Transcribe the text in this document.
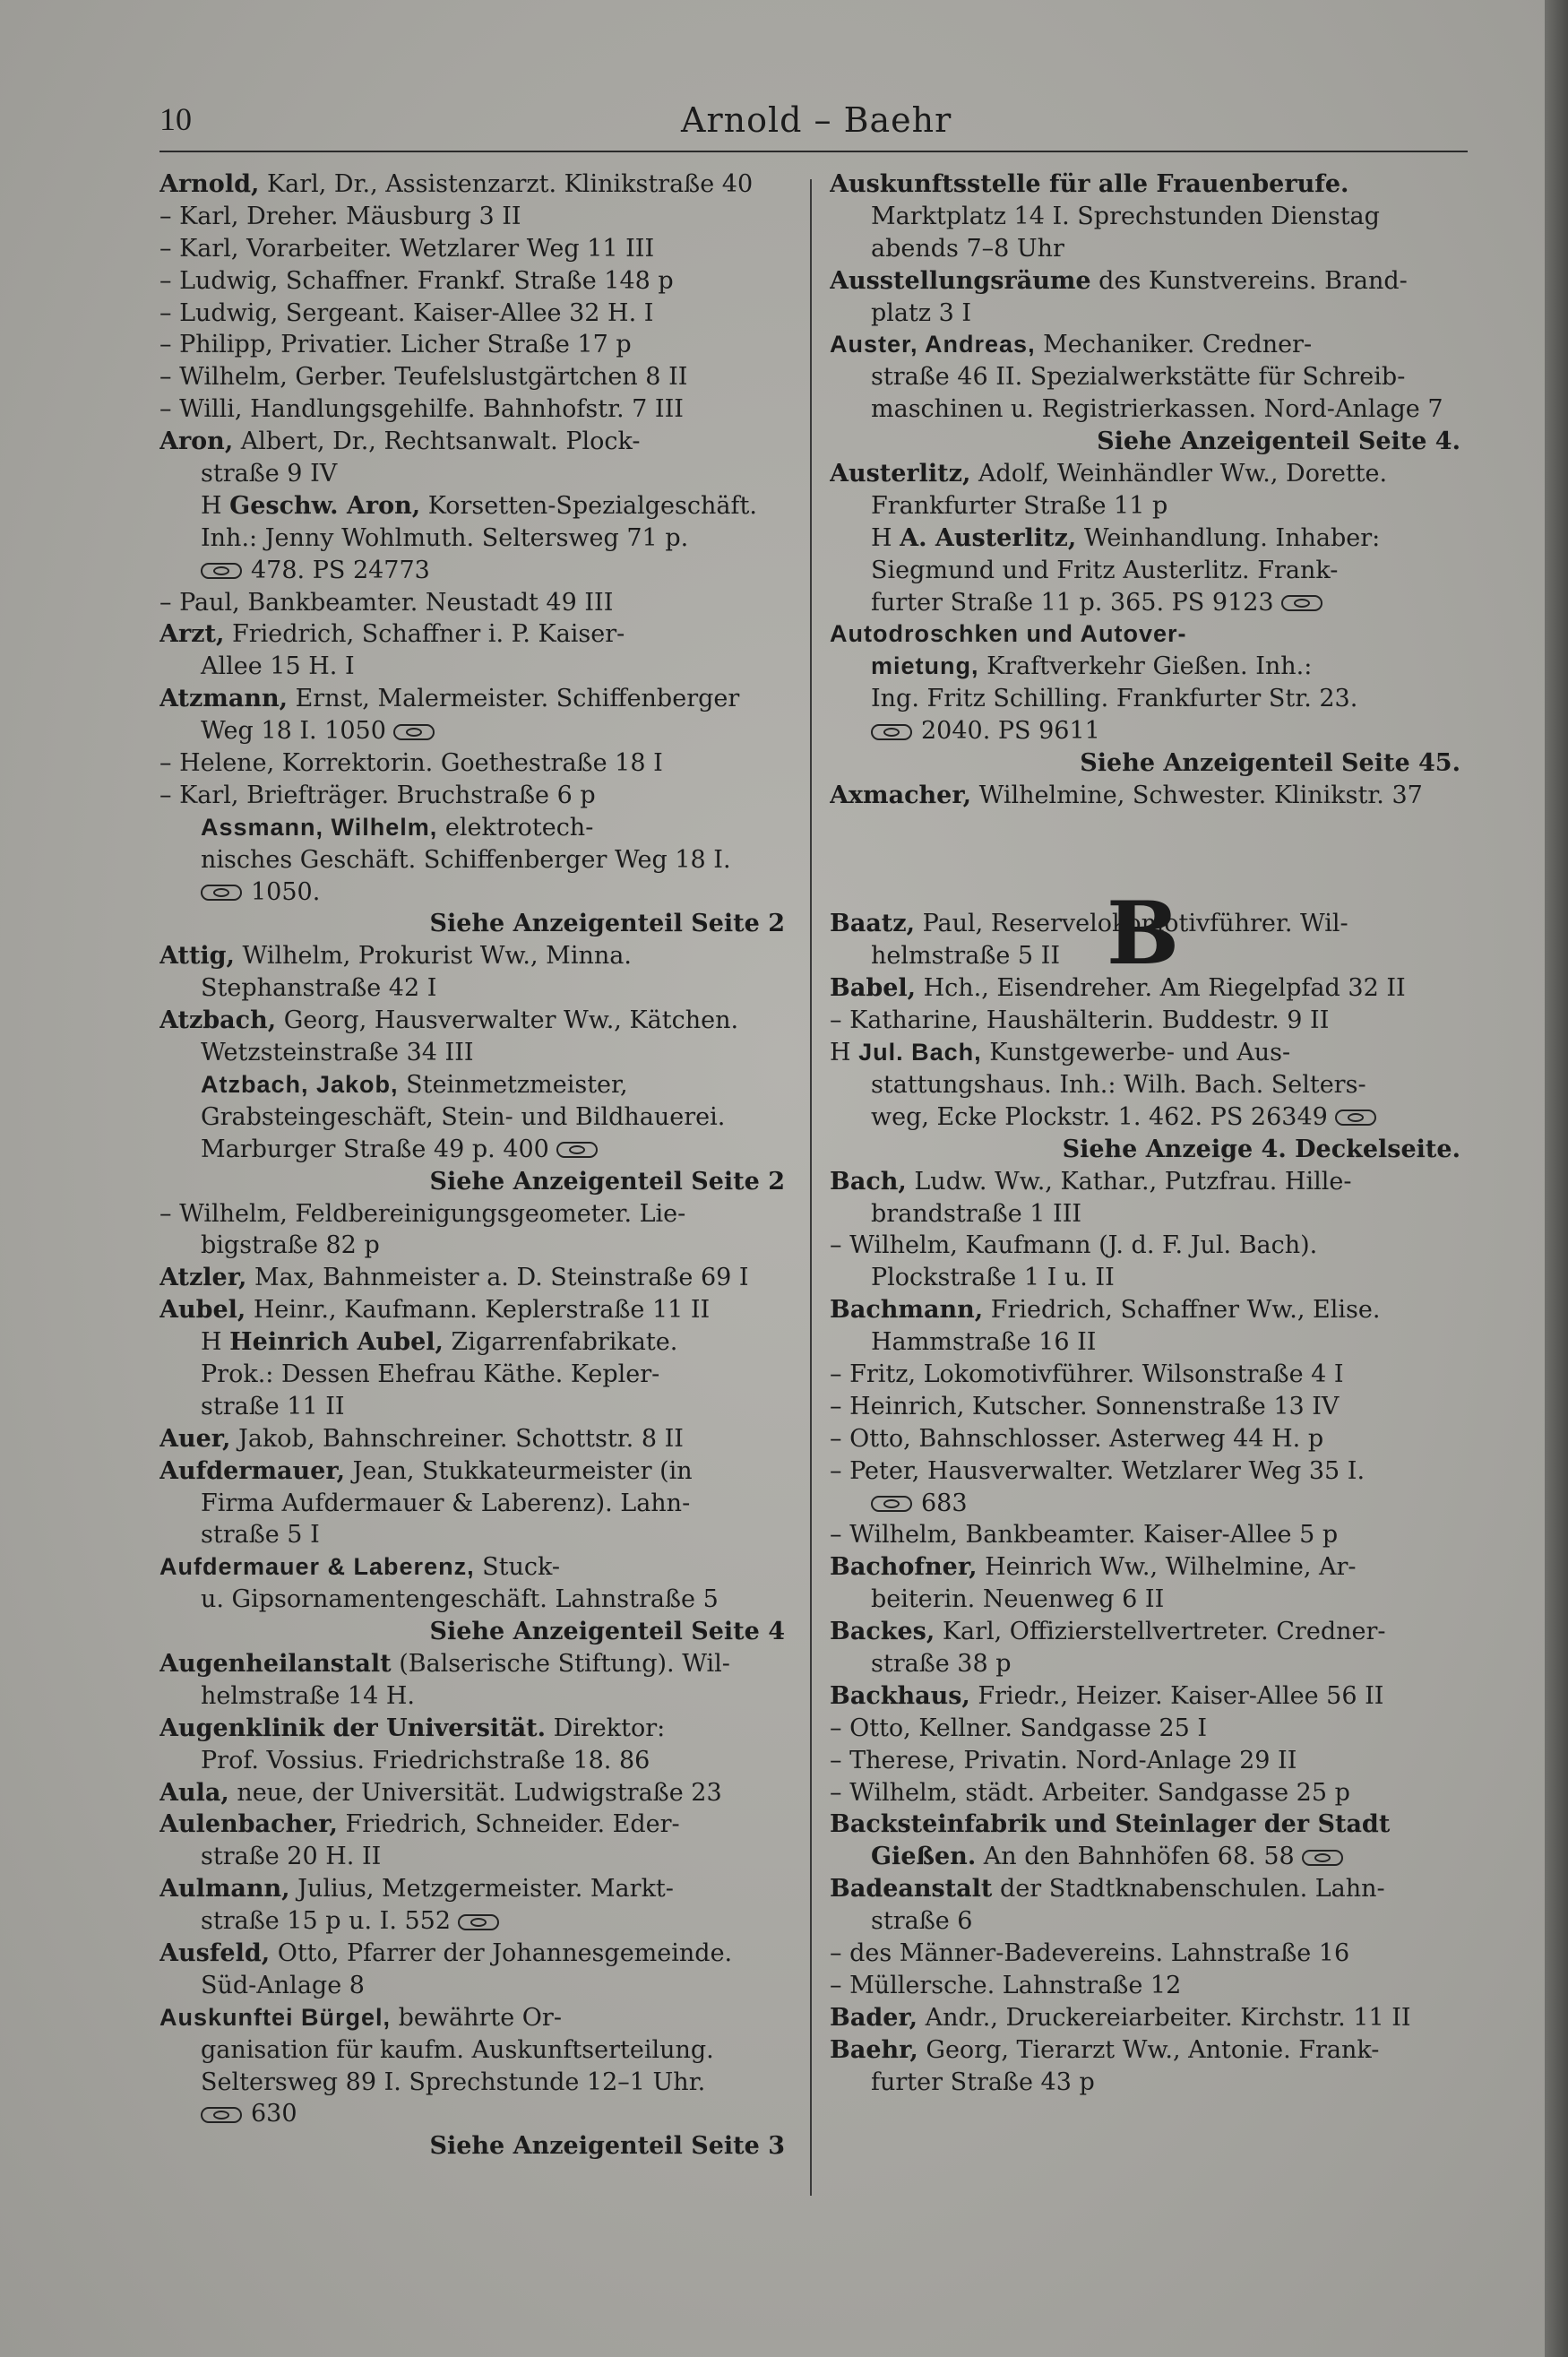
10	Arnold – Baehr
Arnold, Karl, Dr., Assistenzarzt. Klinikstraße 40
– Karl, Dreher. Mäusburg 3 II
– Karl, Vorarbeiter. Wetzlarer Weg 11 III
– Ludwig, Schaffner. Frankf. Straße 148 p
– Ludwig, Sergeant. Kaiser-Allee 32 H. I
– Philipp, Privatier. Licher Straße 17 p
– Wilhelm, Gerber. Teufelslustgärtchen 8 II
– Willi, Handlungsgehilfe. Bahnhofstr. 7 III
Aron, Albert, Dr., Rechtsanwalt. Plock-
straße 9 IV
H Geschw. Aron, Korsetten-Spezialgeschäft.
Inh.: Jenny Wohlmuth. Seltersweg 71 p.
478. PS 24773
– Paul, Bankbeamter. Neustadt 49 III
Arzt, Friedrich, Schaffner i. P. Kaiser-
Allee 15 H. I
Atzmann, Ernst, Malermeister. Schiffenberger
Weg 18 I. 1050
– Helene, Korrektorin. Goethestraße 18 I
– Karl, Briefträger. Bruchstraße 6 p
Assmann, Wilhelm, elektrotech-
nisches Geschäft. Schiffenberger Weg 18 I.
1050.
Siehe Anzeigenteil Seite 2
Attig, Wilhelm, Prokurist Ww., Minna.
Stephanstraße 42 I
Atzbach, Georg, Hausverwalter Ww., Kätchen.
Wetzsteinstraße 34 III
Atzbach, Jakob, Steinmetzmeister,
Grabsteingeschäft, Stein- und Bildhauerei.
Marburger Straße 49 p. 400
Siehe Anzeigenteil Seite 2
– Wilhelm, Feldbereinigungsgeometer. Lie-
bigstraße 82 p
Atzler, Max, Bahnmeister a. D. Steinstraße 69 I
Aubel, Heinr., Kaufmann. Keplerstraße 11 II
H Heinrich Aubel, Zigarrenfabrikate.
Prok.: Dessen Ehefrau Käthe. Kepler-
straße 11 II
Auer, Jakob, Bahnschreiner. Schottstr. 8 II
Aufdermauer, Jean, Stukkateurmeister (in
Firma Aufdermauer & Laberenz). Lahn-
straße 5 I
Aufdermauer & Laberenz, Stuck-
u. Gipsornamentengeschäft. Lahnstraße 5
Siehe Anzeigenteil Seite 4
Augenheilanstalt (Balserische Stiftung). Wil-
helmstraße 14 H.
Augenklinik der Universität. Direktor:
Prof. Vossius. Friedrichstraße 18. 86
Aula, neue, der Universität. Ludwigstraße 23
Aulenbacher, Friedrich, Schneider. Eder-
straße 20 H. II
Aulmann, Julius, Metzgermeister. Markt-
straße 15 p u. I. 552
Ausfeld, Otto, Pfarrer der Johannesgemeinde.
Süd-Anlage 8
Auskunftei Bürgel, bewährte Or-
ganisation für kaufm. Auskunftserteilung.
Seltersweg 89 I. Sprechstunde 12–1 Uhr.
630
Siehe Anzeigenteil Seite 3
Auskunftsstelle für alle Frauenberufe.
Marktplatz 14 I. Sprechstunden Dienstag
abends 7–8 Uhr
Ausstellungsräume des Kunstvereins. Brand-
platz 3 I
Auster, Andreas, Mechaniker. Credner-
straße 46 II. Spezialwerkstätte für Schreib-
maschinen u. Registrierkassen. Nord-Anlage 7
Siehe Anzeigenteil Seite 4.
Austerlitz, Adolf, Weinhändler Ww., Dorette.
Frankfurter Straße 11 p
H A. Austerlitz, Weinhandlung. Inhaber:
Siegmund und Fritz Austerlitz. Frank-
furter Straße 11 p. 365. PS 9123
Autodroschken und Autover-
mietung, Kraftverkehr Gießen. Inh.:
Ing. Fritz Schilling. Frankfurter Str. 23.
2040. PS 9611
Siehe Anzeigenteil Seite 45.
Axmacher, Wilhelmine, Schwester. Klinikstr. 37
Baatz, Paul, Reservelokomotivführer. Wil-
helmstraße 5 II
Babel, Hch., Eisendreher. Am Riegelpfad 32 II
– Katharine, Haushälterin. Buddestr. 9 II
H Jul. Bach, Kunstgewerbe- und Aus-
stattungshaus. Inh.: Wilh. Bach. Selters-
weg, Ecke Plockstr. 1. 462. PS 26349
Siehe Anzeige 4. Deckelseite.
Bach, Ludw. Ww., Kathar., Putzfrau. Hille-
brandstraße 1 III
– Wilhelm, Kaufmann (J. d. F. Jul. Bach).
Plockstraße 1 I u. II
Bachmann, Friedrich, Schaffner Ww., Elise.
Hammstraße 16 II
– Fritz, Lokomotivführer. Wilsonstraße 4 I
– Heinrich, Kutscher. Sonnenstraße 13 IV
– Otto, Bahnschlosser. Asterweg 44 H. p
– Peter, Hausverwalter. Wetzlarer Weg 35 I.
683
– Wilhelm, Bankbeamter. Kaiser-Allee 5 p
Bachofner, Heinrich Ww., Wilhelmine, Ar-
beiterin. Neuenweg 6 II
Backes, Karl, Offizierstellvertreter. Credner-
straße 38 p
Backhaus, Friedr., Heizer. Kaiser-Allee 56 II
– Otto, Kellner. Sandgasse 25 I
– Therese, Privatin. Nord-Anlage 29 II
– Wilhelm, städt. Arbeiter. Sandgasse 25 p
Backsteinfabrik und Steinlager der Stadt
Gießen. An den Bahnhöfen 68. 58
Badeanstalt der Stadtknabenschulen. Lahn-
straße 6
– des Männer-Badevereins. Lahnstraße 16
– Müllersche. Lahnstraße 12
Bader, Andr., Druckereiarbeiter. Kirchstr. 11 II
Baehr, Georg, Tierarzt Ww., Antonie. Frank-
furter Straße 43 p
B
